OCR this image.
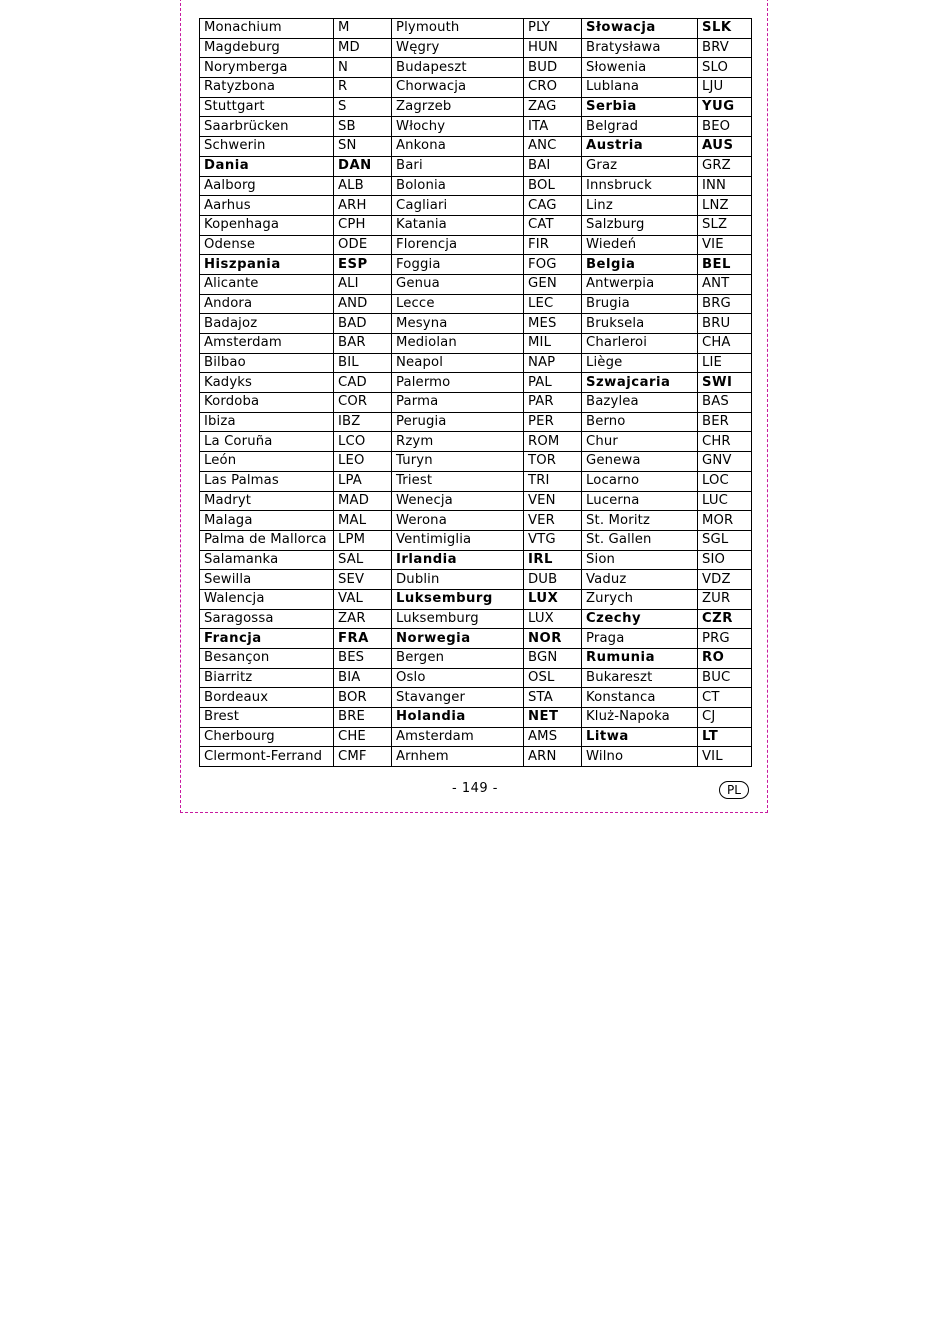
Monachium	M	Plymouth	PLY	Słowacja	SLK
Magdeburg	MD	Węgry	HUN	Bratysława	BRV
Norymberga	N	Budapeszt	BUD	Słowenia	SLO
Ratyzbona	R	Chorwacja	CRO	Lublana	LJU
Stuttgart	S	Zagrzeb	ZAG	Serbia	YUG
Saarbrücken	SB	Włochy	ITA	Belgrad	BEO
Schwerin	SN	Ankona	ANC	Austria	AUS
Dania	DAN	Bari	BAI	Graz	GRZ
Aalborg	ALB	Bolonia	BOL	Innsbruck	INN
Aarhus	ARH	Cagliari	CAG	Linz	LNZ
Kopenhaga	CPH	Katania	CAT	Salzburg	SLZ
Odense	ODE	Florencja	FIR	Wiedeń	VIE
Hiszpania	ESP	Foggia	FOG	Belgia	BEL
Alicante	ALI	Genua	GEN	Antwerpia	ANT
Andora	AND	Lecce	LEC	Brugia	BRG
Badajoz	BAD	Mesyna	MES	Bruksela	BRU
Amsterdam	BAR	Mediolan	MIL	Charleroi	CHA
Bilbao	BIL	Neapol	NAP	Liège	LIE
Kadyks	CAD	Palermo	PAL	Szwajcaria	SWI
Kordoba	COR	Parma	PAR	Bazylea	BAS
Ibiza	IBZ	Perugia	PER	Berno	BER
La Coruña	LCO	Rzym	ROM	Chur	CHR
León	LEO	Turyn	TOR	Genewa	GNV
Las Palmas	LPA	Triest	TRI	Locarno	LOC
Madryt	MAD	Wenecja	VEN	Lucerna	LUC
Malaga	MAL	Werona	VER	St. Moritz	MOR
Palma de Mallorca	LPM	Ventimiglia	VTG	St. Gallen	SGL
Salamanka	SAL	Irlandia	IRL	Sion	SIO
Sewilla	SEV	Dublin	DUB	Vaduz	VDZ
Walencja	VAL	Luksemburg	LUX	Zurych	ZUR
Saragossa	ZAR	Luksemburg	LUX	Czechy	CZR
Francja	FRA	Norwegia	NOR	Praga	PRG
Besançon	BES	Bergen	BGN	Rumunia	RO
Biarritz	BIA	Oslo	OSL	Bukareszt	BUC
Bordeaux	BOR	Stavanger	STA	Konstanca	CT
Brest	BRE	Holandia	NET	Kluż-Napoka	CJ
Cherbourg	CHE	Amsterdam	AMS	Litwa	LT
Clermont-Ferrand	CMF	Arnhem	ARN	Wilno	VIL
- 149 -	PL
